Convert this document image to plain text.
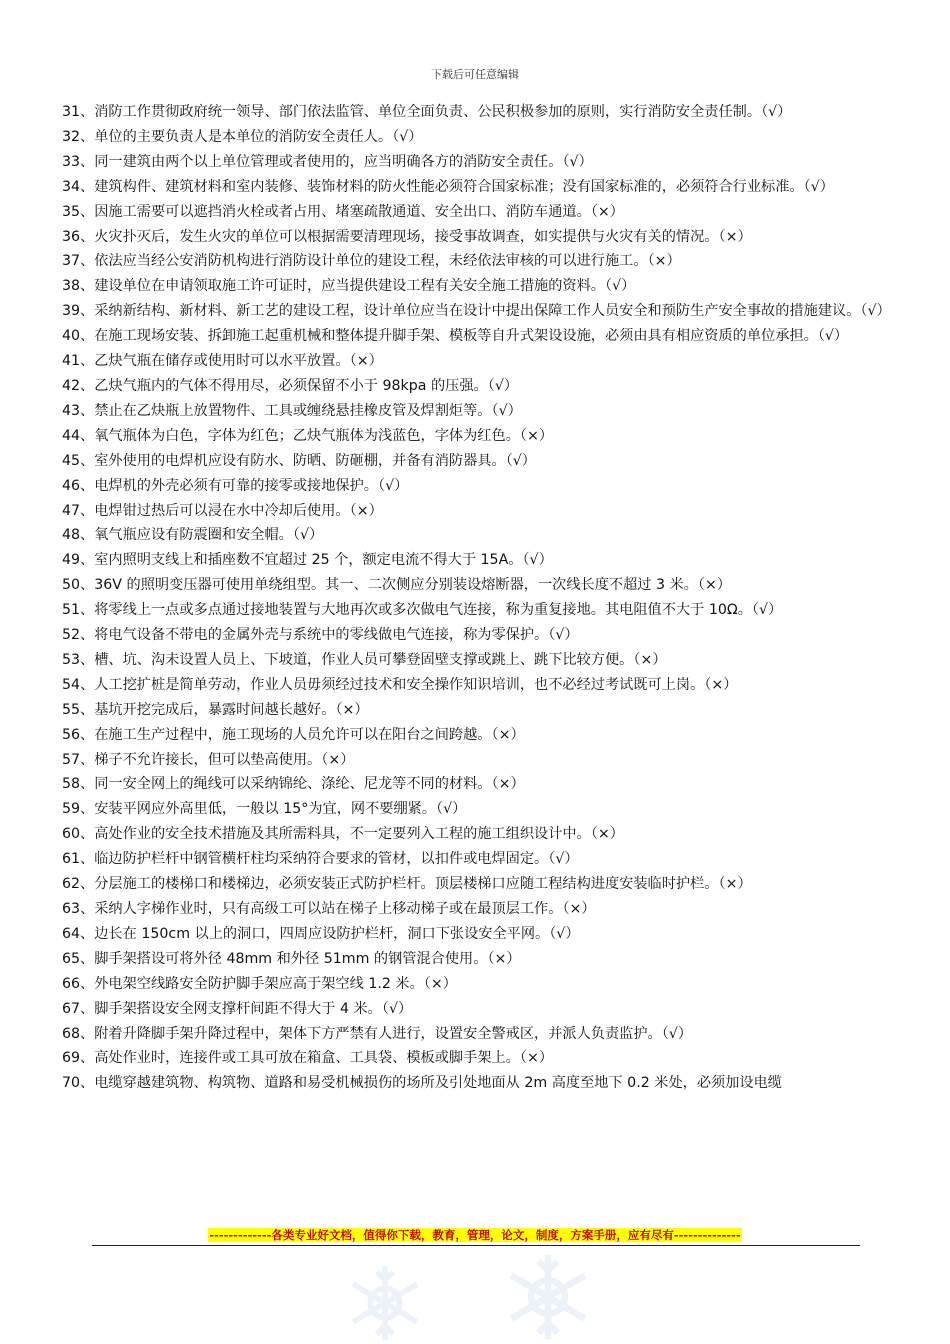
下载后可任意编辑

31、消防工作贯彻政府统一领导、部门依法监管、单位全面负责、公民积极参加的原则，实行消防安全责任制。（√）

32、单位的主要负责人是本单位的消防安全责任人。（√）

33、同一建筑由两个以上单位管理或者使用的，应当明确各方的消防安全责任。（√）

34、建筑构件、建筑材料和室内装修、装饰材料的防火性能必须符合国家标准；没有国家标准的，必须符合行业标准。（√）

35、因施工需要可以遮挡消火栓或者占用、堵塞疏散通道、安全出口、消防车通道。（×）

36、火灾扑灭后，发生火灾的单位可以根据需要清理现场，接受事故调查，如实提供与火灾有关的情况。（×）

37、依法应当经公安消防机构进行消防设计单位的建设工程，未经依法审核的可以进行施工。（×）

38、建设单位在申请领取施工许可证时，应当提供建设工程有关安全施工措施的资料。（√）

39、采纳新结构、新材料、新工艺的建设工程，设计单位应当在设计中提出保障工作人员安全和预防生产安全事故的措施建议。（√）

40、在施工现场安装、拆卸施工起重机械和整体提升脚手架、模板等自升式架设设施，必须由具有相应资质的单位承担。（√）

41、乙炔气瓶在储存或使用时可以水平放置。（×）

42、乙炔气瓶内的气体不得用尽，必须保留不小于 98kpa 的压强。（√）

43、禁止在乙炔瓶上放置物件、工具或缠绕悬挂橡皮管及焊割炬等。（√）

44、氧气瓶体为白色，字体为红色；乙炔气瓶体为浅蓝色，字体为红色。（×）

45、室外使用的电焊机应设有防水、防晒、防砸棚，并备有消防器具。（√）

46、电焊机的外壳必须有可靠的接零或接地保护。（√）

47、电焊钳过热后可以浸在水中冷却后使用。（×）

48、氧气瓶应设有防震圈和安全帽。（√）

49、室内照明支线上和插座数不宜超过 25 个，额定电流不得大于 15A。（√）

50、36V 的照明变压器可使用单绕组型。其一、二次侧应分别装设熔断器，一次线长度不超过 3 米。（×）

51、将零线上一点或多点通过接地装置与大地再次或多次做电气连接，称为重复接地。其电阻值不大于 10Ω。（√）

52、将电气设备不带电的金属外壳与系统中的零线做电气连接，称为零保护。（√）

53、槽、坑、沟未设置人员上、下坡道，作业人员可攀登固壁支撑或跳上、跳下比较方便。（×）

54、人工挖扩桩是简单劳动，作业人员毋须经过技术和安全操作知识培训，也不必经过考试既可上岗。（×）

55、基坑开挖完成后，暴露时间越长越好。（×）

56、在施工生产过程中，施工现场的人员允许可以在阳台之间跨越。（×）

57、梯子不允许接长，但可以垫高使用。（×）

58、同一安全网上的绳线可以采纳锦纶、涤纶、尼龙等不同的材料。（×）

59、安装平网应外高里低，一般以 15°为宜，网不要绷紧。（√）

60、高处作业的安全技术措施及其所需料具，不一定要列入工程的施工组织设计中。（×）

61、临边防护栏杆中钢管横杆柱均采纳符合要求的管材，以扣件或电焊固定。（√）

62、分层施工的楼梯口和楼梯边，必须安装正式防护栏杆。顶层楼梯口应随工程结构进度安装临时护栏。（×）

63、采纳人字梯作业时，只有高级工可以站在梯子上移动梯子或在最顶层工作。（×）

64、边长在 150cm 以上的洞口，四周应设防护栏杆，洞口下张设安全平网。（√）

65、脚手架搭设可将外径 48mm 和外径 51mm 的钢管混合使用。（×）

66、外电架空线路安全防护脚手架应高于架空线 1.2 米。（×）

67、脚手架搭设安全网支撑杆间距不得大于 4 米。（√）

68、附着升降脚手架升降过程中，架体下方严禁有人进行，设置安全警戒区，并派人负责监护。（√）

69、高处作业时，连接件或工具可放在箱盒、工具袋、模板或脚手架上。（×）

70、电缆穿越建筑物、构筑物、道路和易受机械损伤的场所及引处地面从 2m 高度至地下 0.2 米处，必须加设电缆

-------------各类专业好文档，值得你下载，教育，管理，论文，制度，方案手册，应有尽有--------------
